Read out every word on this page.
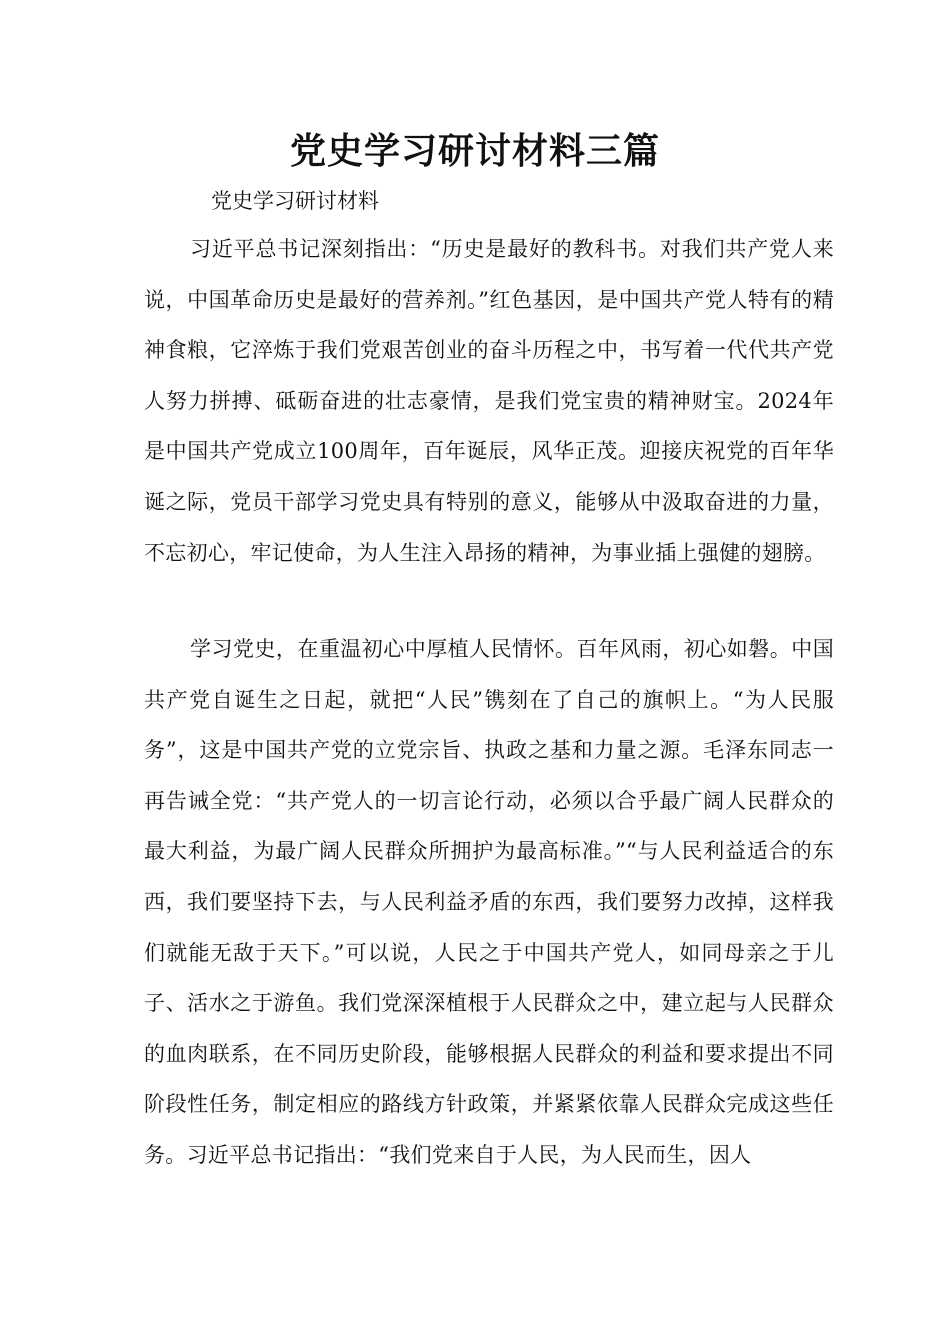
党史学习研讨材料三篇

党史学习研讨材料

习近平总书记深刻指出：“历史是最好的教科书。对我们共产党人来说，中国革命历史是最好的营养剂。”红色基因，是中国共产党人特有的精神食粮，它淬炼于我们党艰苦创业的奋斗历程之中，书写着一代代共产党人努力拼搏、砥砺奋进的壮志豪情，是我们党宝贵的精神财宝。2024年是中国共产党成立100周年，百年诞辰，风华正茂。迎接庆祝党的百年华诞之际，党员干部学习党史具有特别的意义，能够从中汲取奋进的力量，不忘初心，牢记使命，为人生注入昂扬的精神，为事业插上强健的翅膀。

学习党史，在重温初心中厚植人民情怀。百年风雨，初心如磐。中国共产党自诞生之日起，就把“人民”镌刻在了自己的旗帜上。“为人民服务”，这是中国共产党的立党宗旨、执政之基和力量之源。毛泽东同志一再告诫全党：“共产党人的一切言论行动，必须以合乎最广阔人民群众的最大利益，为最广阔人民群众所拥护为最高标准。”“与人民利益适合的东西，我们要坚持下去，与人民利益矛盾的东西，我们要努力改掉，这样我们就能无敌于天下。”可以说，人民之于中国共产党人，如同母亲之于儿子、活水之于游鱼。我们党深深植根于人民群众之中，建立起与人民群众的血肉联系，在不同历史阶段，能够根据人民群众的利益和要求提出不同阶段性任务，制定相应的路线方针政策，并紧紧依靠人民群众完成这些任务。习近平总书记指出：“我们党来自于人民，为人民而生，因人
